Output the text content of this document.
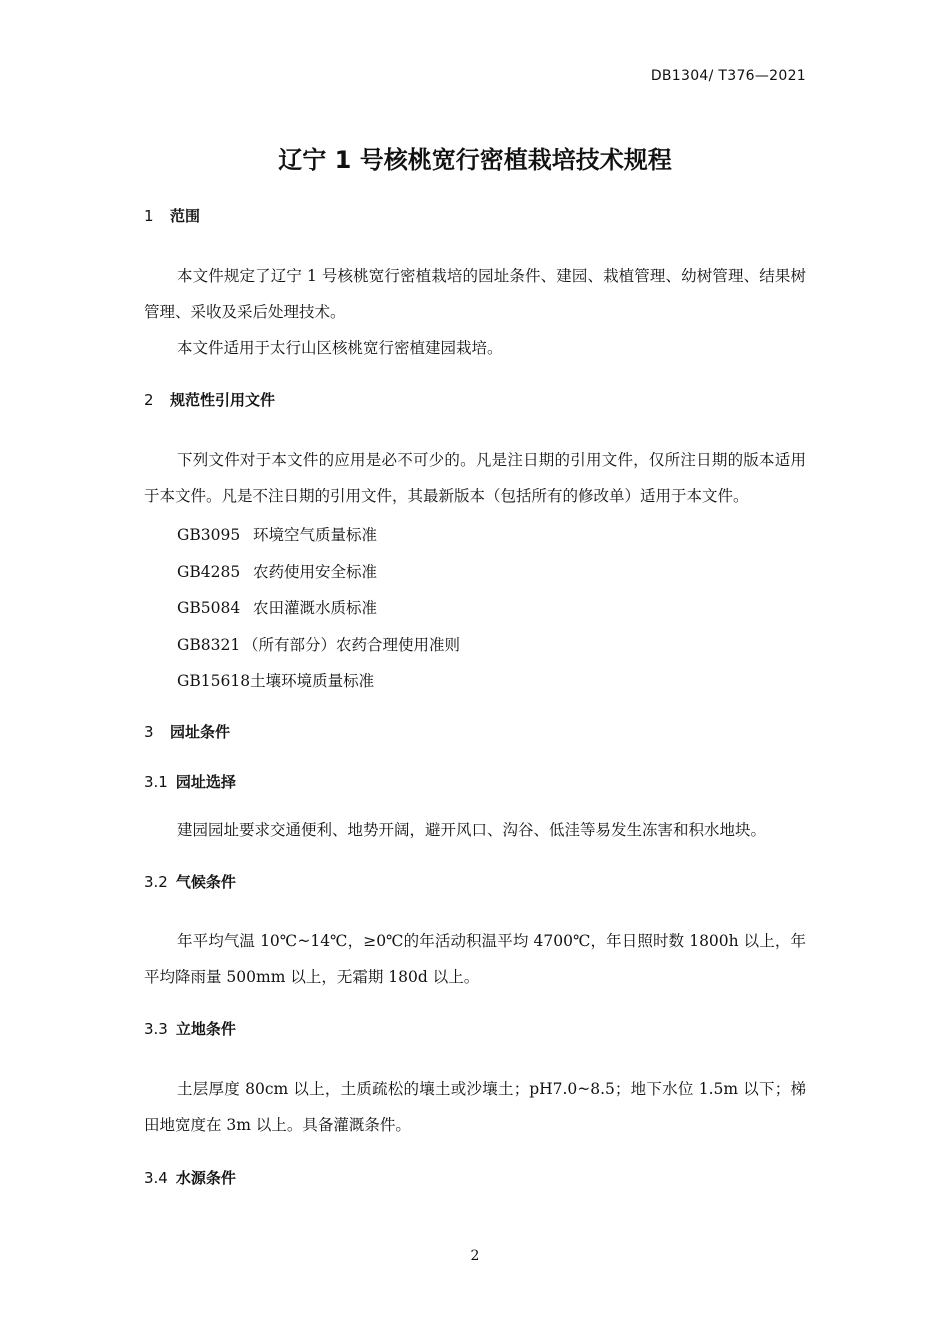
DB1304/ T376—2021
辽宁 1 号核桃宽行密植栽培技术规程
1 范围
本文件规定了辽宁 1 号核桃宽行密植栽培的园址条件、建园、栽植管理、幼树管理、结果树管理、采收及采后处理技术。
本文件适用于太行山区核桃宽行密植建园栽培。
2 规范性引用文件
下列文件对于本文件的应用是必不可少的。凡是注日期的引用文件，仅所注日期的版本适用于本文件。凡是不注日期的引用文件，其最新版本（包括所有的修改单）适用于本文件。
GB3095 环境空气质量标准
GB4285 农药使用安全标准
GB5084 农田灌溉水质标准
GB8321 （所有部分）农药合理使用准则
GB15618土壤环境质量标准
3 园址条件
3.1 园址选择
建园园址要求交通便利、地势开阔，避开风口、沟谷、低洼等易发生冻害和积水地块。
3.2 气候条件
年平均气温 10℃~14℃，≥0℃的年活动积温平均 4700℃，年日照时数 1800h 以上，年平均降雨量 500mm 以上，无霜期 180d 以上。
3.3 立地条件
土层厚度 80cm 以上，土质疏松的壤土或沙壤土；pH7.0~8.5；地下水位 1.5m 以下；梯田地宽度在 3m 以上。具备灌溉条件。
3.4 水源条件
2
